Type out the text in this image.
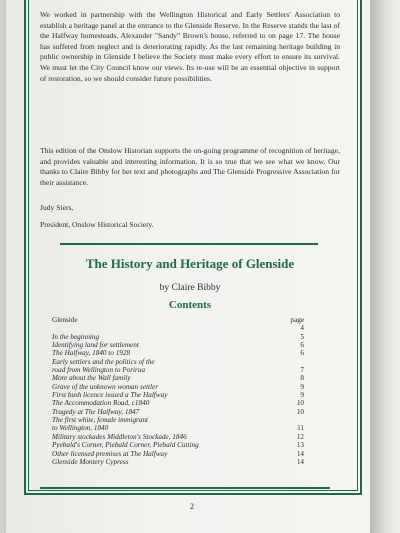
We worked in partnership with the Wellington Historical and Early Settlers' Association to establish a heritage panel at the entrance to the Glenside Reserve. In the Reserve stands the last of the Halfway homesteads, Alexander "Sandy" Brown's house, referred to on page 17. The house has suffered from neglect and is deteriorating rapidly. As the last remaining heritage building in public ownership in Glenside I believe the Society must make every effort to ensure its survival. We must let the City Council know our views. Its re-use will be an essential objective in support of restoration, so we should consider future possibilities.
This edition of the Onslow Historian supports the on-going programme of recognition of heritage, and provides valuable and interesting information. It is so true that we see what we know. Our thanks to Claire Bibby for her text and photographs and The Glenside Progressive Association for their assistance.
Judy Siers,
President, Onslow Historical Society.
The History and Heritage of Glenside
by Claire Bibby
Contents
Glenside	page 4
In the beginning	5
Identifying land for settlement	6
The Halfway, 1840 to 1928	6
Early settlers and the politics of the
road from Wellington to Porirua	7
More about the Wall family	8
Grave of the unknown woman settler	9
First bush licence issued a The Halfway	9
The Accommodation Road, c1840	10
Tragedy at The Halfway, 1847	10
The first white, female immigrant
to Wellington, 1840	11
Military stockades Middleton's Stockade, 1846	12
Pyebald's Corner, Piebald Corner, Piebald Cutting	13
Other licensed premises at The Halfway	14
Glenside Montery Cypress	14
2
